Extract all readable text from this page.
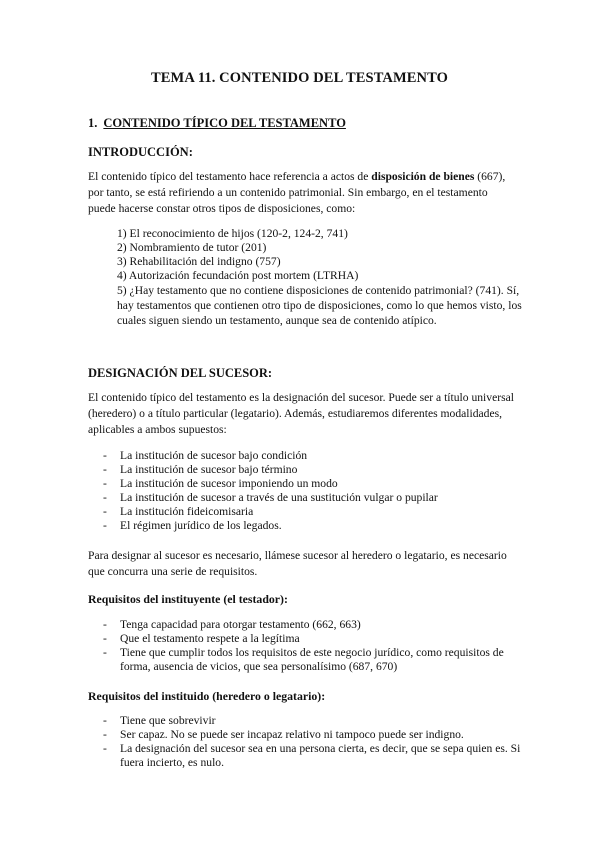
TEMA 11. CONTENIDO DEL TESTAMENTO
1. CONTENIDO TÍPICO DEL TESTAMENTO
INTRODUCCIÓN:
El contenido típico del testamento hace referencia a actos de disposición de bienes (667), por tanto, se está refiriendo a un contenido patrimonial. Sin embargo, en el testamento puede hacerse constar otros tipos de disposiciones, como:
1) El reconocimiento de hijos (120-2, 124-2, 741)
2) Nombramiento de tutor (201)
3) Rehabilitación del indigno (757)
4) Autorización fecundación post mortem (LTRHA)
5) ¿Hay testamento que no contiene disposiciones de contenido patrimonial? (741). Sí, hay testamentos que contienen otro tipo de disposiciones, como lo que hemos visto, los cuales siguen siendo un testamento, aunque sea de contenido atípico.
DESIGNACIÓN DEL SUCESOR:
El contenido típico del testamento es la designación del sucesor. Puede ser a título universal (heredero) o a título particular (legatario). Además, estudiaremos diferentes modalidades, aplicables a ambos supuestos:
- La institución de sucesor bajo condición
- La institución de sucesor bajo término
- La institución de sucesor imponiendo un modo
- La institución de sucesor a través de una sustitución vulgar o pupilar
- La institución fideicomisaria
- El régimen jurídico de los legados.
Para designar al sucesor es necesario, llámese sucesor al heredero o legatario, es necesario que concurra una serie de requisitos.
Requisitos del instituyente (el testador):
- Tenga capacidad para otorgar testamento (662, 663)
- Que el testamento respete a la legítima
- Tiene que cumplir todos los requisitos de este negocio jurídico, como requisitos de forma, ausencia de vicios, que sea personalísimo (687, 670)
Requisitos del instituido (heredero o legatario):
- Tiene que sobrevivir
- Ser capaz. No se puede ser incapaz relativo ni tampoco puede ser indigno.
- La designación del sucesor sea en una persona cierta, es decir, que se sepa quien es. Si fuera incierto, es nulo.
